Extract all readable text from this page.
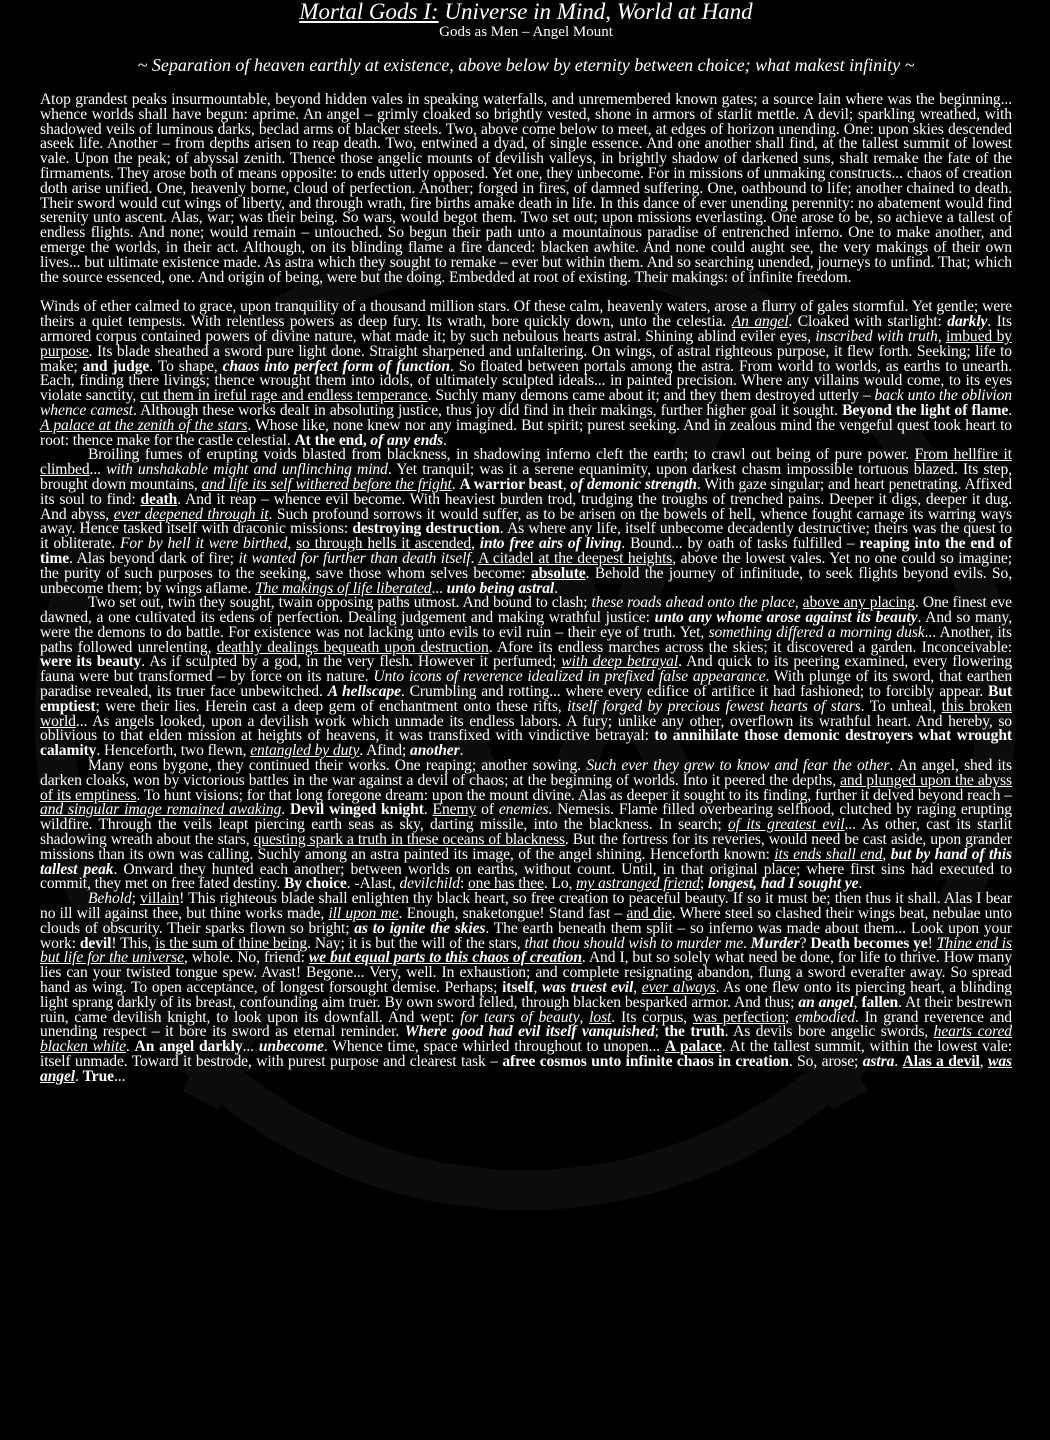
Mortal Gods I: Universe in Mind, World at Hand
Gods as Men – Angel Mount
~ Separation of heaven earthly at existence, above below by eternity between choice; what makest infinity ~

Atop grandest peaks insurmountable, beyond hidden vales in speaking waterfalls, and unremembered known gates; a source lain where was the beginning... whence worlds shall have begun: aprime. An angel – grimly cloaked so brightly vested, shone in armors of starlit mettle. A devil; sparkling wreathed, with shadowed veils of luminous darks, beclad arms of blacker steels. Two, above come below to meet, at edges of horizon unending. One: upon skies descended aseek life. Another – from depths arisen to reap death. Two, entwined a dyad, of single essence. And one another shall find, at the tallest summit of lowest vale. Upon the peak; of abyssal zenith. Thence those angelic mounts of devilish valleys, in brightly shadow of darkened suns, shalt remake the fate of the firmaments. They arose both of means opposite: to ends utterly opposed. Yet one, they unbecome. For in missions of unmaking constructs... chaos of creation doth arise unified. One, heavenly borne, cloud of perfection. Another; forged in fires, of damned suffering. One, oathbound to life; another chained to death. Their sword would cut wings of liberty, and through wrath, fire births amake death in life. In this dance of ever unending perennity: no abatement would find serenity unto ascent. Alas, war; was their being. So wars, would begot them. Two set out; upon missions everlasting. One arose to be, so achieve a tallest of endless flights. And none; would remain – untouched. So begun their path unto a mountainous paradise of entrenched inferno. One to make another, and emerge the worlds, in their act. Although, on its blinding flame a fire danced: blacken awhite. And none could aught see, the very makings of their own lives... but ultimate existence made. As astra which they sought to remake – ever but within them. And so searching unended, journeys to unfind. That; which the source essenced, one. And origin of being, were but the doing. Embedded at root of existing. Their makings: of infinite freedom.

Winds of ether calmed to grace, upon tranquility of a thousand million stars. Of these calm, heavenly waters, arose a flurry of gales stormful. Yet gentle; were theirs a quiet tempests. With relentless powers as deep fury. Its wrath, bore quickly down, unto the celestia. An angel. Cloaked with starlight: darkly. Its armored corpus contained powers of divine nature, what made it; by such nebulous hearts astral. Shining ablind eviler eyes, inscribed with truth, imbued by purpose. Its blade sheathed a sword pure light done. Straight sharpened and unfaltering. On wings, of astral righteous purpose, it flew forth. Seeking; life to make; and judge. To shape, chaos into perfect form of function. So floated between portals among the astra. From world to worlds, as earths to unearth. Each, finding there livings; thence wrought them into idols, of ultimately sculpted ideals... in painted precision. Where any villains would come, to its eyes violate sanctity, cut them in ireful rage and endless temperance. Suchly many demons came about it; and they them destroyed utterly – back unto the oblivion whence camest. Although these works dealt in absoluting justice, thus joy did find in their makings, further higher goal it sought. Beyond the light of flame. A palace at the zenith of the stars. Whose like, none knew nor any imagined. But spirit; purest seeking. And in zealous mind the vengeful quest took heart to root: thence make for the castle celestial. At the end, of any ends.

Broiling fumes of erupting voids blasted from blackness, in shadowing inferno cleft the earth; to crawl out being of pure power. From hellfire it climbed... with unshakable might and unflinching mind. Yet tranquil; was it a serene equanimity, upon darkest chasm impossible tortuous blazed. Its step, brought down mountains, and life its self withered before the fright. A warrior beast, of demonic strength. With gaze singular; and heart penetrating. Affixed its soul to find: death. And it reap – whence evil become. With heaviest burden trod, trudging the troughs of trenched pains. Deeper it digs, deeper it dug. And abyss, ever deepened through it. Such profound sorrows it would suffer, as to be arisen on the bowels of hell, whence fought carnage its warring ways away. Hence tasked itself with draconic missions: destroying destruction. As where any life, itself unbecome decadently destructive; theirs was the quest to it obliterate. For by hell it were birthed, so through hells it ascended, into free airs of living. Bound... by oath of tasks fulfilled – reaping into the end of time. Alas beyond dark of fire; it wanted for further than death itself. A citadel at the deepest heights, above the lowest vales. Yet no one could so imagine; the purity of such purposes to the seeking, save those whom selves become: absolute. Behold the journey of infinitude, to seek flights beyond evils. So, unbecome them; by wings aflame. The makings of life liberated... unto being astral.

Two set out, twin they sought, twain opposing paths utmost. And bound to clash; these roads ahead onto the place, above any placing. One finest eve dawned, a one cultivated its edens of perfection. Dealing judgement and making wrathful justice: unto any whome arose against its beauty. And so many, were the demons to do battle. For existence was not lacking unto evils to evil ruin – their eye of truth. Yet, something differed a morning dusk... Another, its paths followed unrelenting, deathly dealings bequeath upon destruction. Afore its endless marches across the skies; it discovered a garden. Inconceivable: were its beauty. As if sculpted by a god, in the very flesh. However it perfumed; with deep betrayal. And quick to its peering examined, every flowering fauna were but transformed – by force on its nature. Unto icons of reverence idealized in prefixed false appearance. With plunge of its sword, that earthen paradise revealed, its truer face unbewitched. A hellscape. Crumbling and rotting... where every edifice of artifice it had fashioned; to forcibly appear. But emptiest; were their lies. Herein cast a deep gem of enchantment onto these rifts, itself forged by precious fewest hearts of stars. To unheal, this broken world... As angels looked, upon a devilish work which unmade its endless labors. A fury; unlike any other, overflown its wrathful heart. And hereby, so oblivious to that elden mission at heights of heavens, it was transfixed with vindictive betrayal: to annihilate those demonic destroyers what wrought calamity. Henceforth, two flewn, entangled by duty. Afind; another.

Many eons bygone, they continued their works. One reaping; another sowing. Such ever they grew to know and fear the other. An angel, shed its darken cloaks, won by victorious battles in the war against a devil of chaos; at the beginning of worlds. Into it peered the depths, and plunged upon the abyss of its emptiness. To hunt visions; for that long foregone dream: upon the mount divine. Alas as deeper it sought to its finding, further it delved beyond reach – and singular image remained awaking. Devil winged knight. Enemy of enemies. Nemesis. Flame filled overbearing selfhood, clutched by raging erupting wildfire. Through the veils leapt piercing earth seas as sky, darting missile, into the blackness. In search; of its greatest evil... As other, cast its starlit shadowing wreath about the stars, questing spark a truth in these oceans of blackness. But the fortress for its reveries, would need be cast aside, upon grander missions than its own was calling. Suchly among an astra painted its image, of the angel shining. Henceforth known: its ends shall end, but by hand of this tallest peak. Onward they hunted each another; between worlds on earths, without count. Until, in that original place; where first sins had executed to commit, they met on free fated destiny. By choice. -Alast, devilchild: one has thee. Lo, my astranged friend; longest, had I sought ye.

Behold; villain! This righteous blade shall enlighten thy black heart, so free creation to peaceful beauty. If so it must be; then thus it shall. Alas I bear no ill will against thee, but thine works made, ill upon me. Enough, snaketongue! Stand fast – and die. Where steel so clashed their wings beat, nebulae unto clouds of obscurity. Their sparks flown so bright; as to ignite the skies. The earth beneath them split – so inferno was made about them... Look upon your work: devil! This, is the sum of thine being. Nay; it is but the will of the stars, that thou should wish to murder me. Murder? Death becomes ye! Thine end is but life for the universe, whole. No, friend: we but equal parts to this chaos of creation. And I, but so solely what need be done, for life to thrive. How many lies can your twisted tongue spew. Avast! Begone... Very, well. In exhaustion; and complete resignating abandon, flung a sword everafter away. So spread hand as wing. To open acceptance, of longest forsought demise. Perhaps; itself, was truest evil, ever always. As one flew onto its piercing heart, a blinding light sprang darkly of its breast, confounding aim truer. By own sword felled, through blacken besparked armor. And thus; an angel, fallen. At their bestrewn ruin, came devilish knight, to look upon its downfall. And wept: for tears of beauty, lost. Its corpus, was perfection; embodied. In grand reverence and unending respect – it bore its sword as eternal reminder. Where good had evil itself vanquished; the truth. As devils bore angelic swords, hearts cored blacken white. An angel darkly... unbecome. Whence time, space whirled throughout to unopen... A palace. At the tallest summit, within the lowest vale: itself unmade. Toward it bestrode, with purest purpose and clearest task – afree cosmos unto infinite chaos in creation. So, arose; astra. Alas a devil, was angel. True...
